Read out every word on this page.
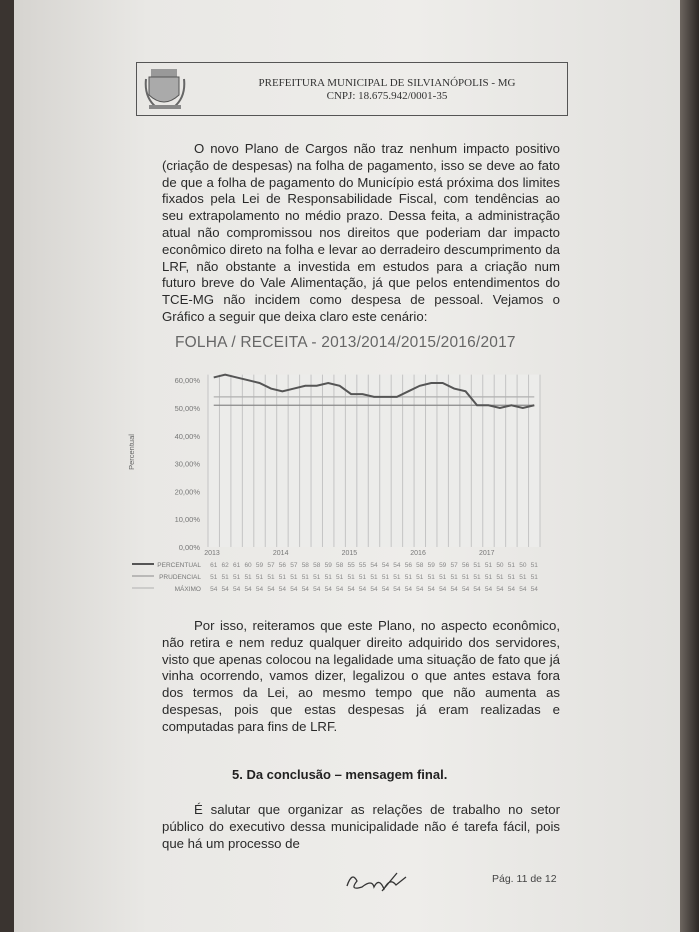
PREFEITURA MUNICIPAL DE SILVIANÓPOLIS - MG
CNPJ: 18.675.942/0001-35
O novo Plano de Cargos não traz nenhum impacto positivo (criação de despesas) na folha de pagamento, isso se deve ao fato de que a folha de pagamento do Município está próxima dos limites fixados pela Lei de Responsabilidade Fiscal, com tendências ao seu extrapolamento no médio prazo. Dessa feita, a administração atual não compromissou nos direitos que poderiam dar impacto econômico direto na folha e levar ao derradeiro descumprimento da LRF, não obstante a investida em estudos para a criação num futuro breve do Vale Alimentação, já que pelos entendimentos do TCE-MG não incidem como despesa de pessoal. Vejamos o Gráfico a seguir que deixa claro este cenário:
FOLHA / RECEITA - 2013/2014/2015/2016/2017
0,00%
10,00%
20,00%
30,00%
40,00%
50,00%
60,00%
2013	2014	2015	2016	2017
Percentual
PERCENTUAL 61 62 61 60 59 57 56 57 58 58 59 58 55 55 54 54 54 56 58 59 59 57 56 51 51 50 51 50 51
PRUDENCIAL 51 51 51 51 51 51 51 51 51 51 51 51 51 51 51 51 51 51 51 51 51 51 51 51 51 51 51 51 51
MÁXIMO 54 54 54 54 54 54 54 54 54 54 54 54 54 54 54 54 54 54 54 54 54 54 54 54 54 54 54 54 54
Por isso, reiteramos que este Plano, no aspecto econômico, não retira e nem reduz qualquer direito adquirido dos servidores, visto que apenas colocou na legalidade uma situação de fato que já vinha ocorrendo, vamos dizer, legalizou o que antes estava fora dos termos da Lei, ao mesmo tempo que não aumenta as despesas, pois que estas despesas já eram realizadas e computadas para fins de LRF.
5. Da conclusão – mensagem final.
É salutar que organizar as relações de trabalho no setor público do executivo dessa municipalidade não é tarefa fácil, pois que há um processo de
Pág. 11 de 12
